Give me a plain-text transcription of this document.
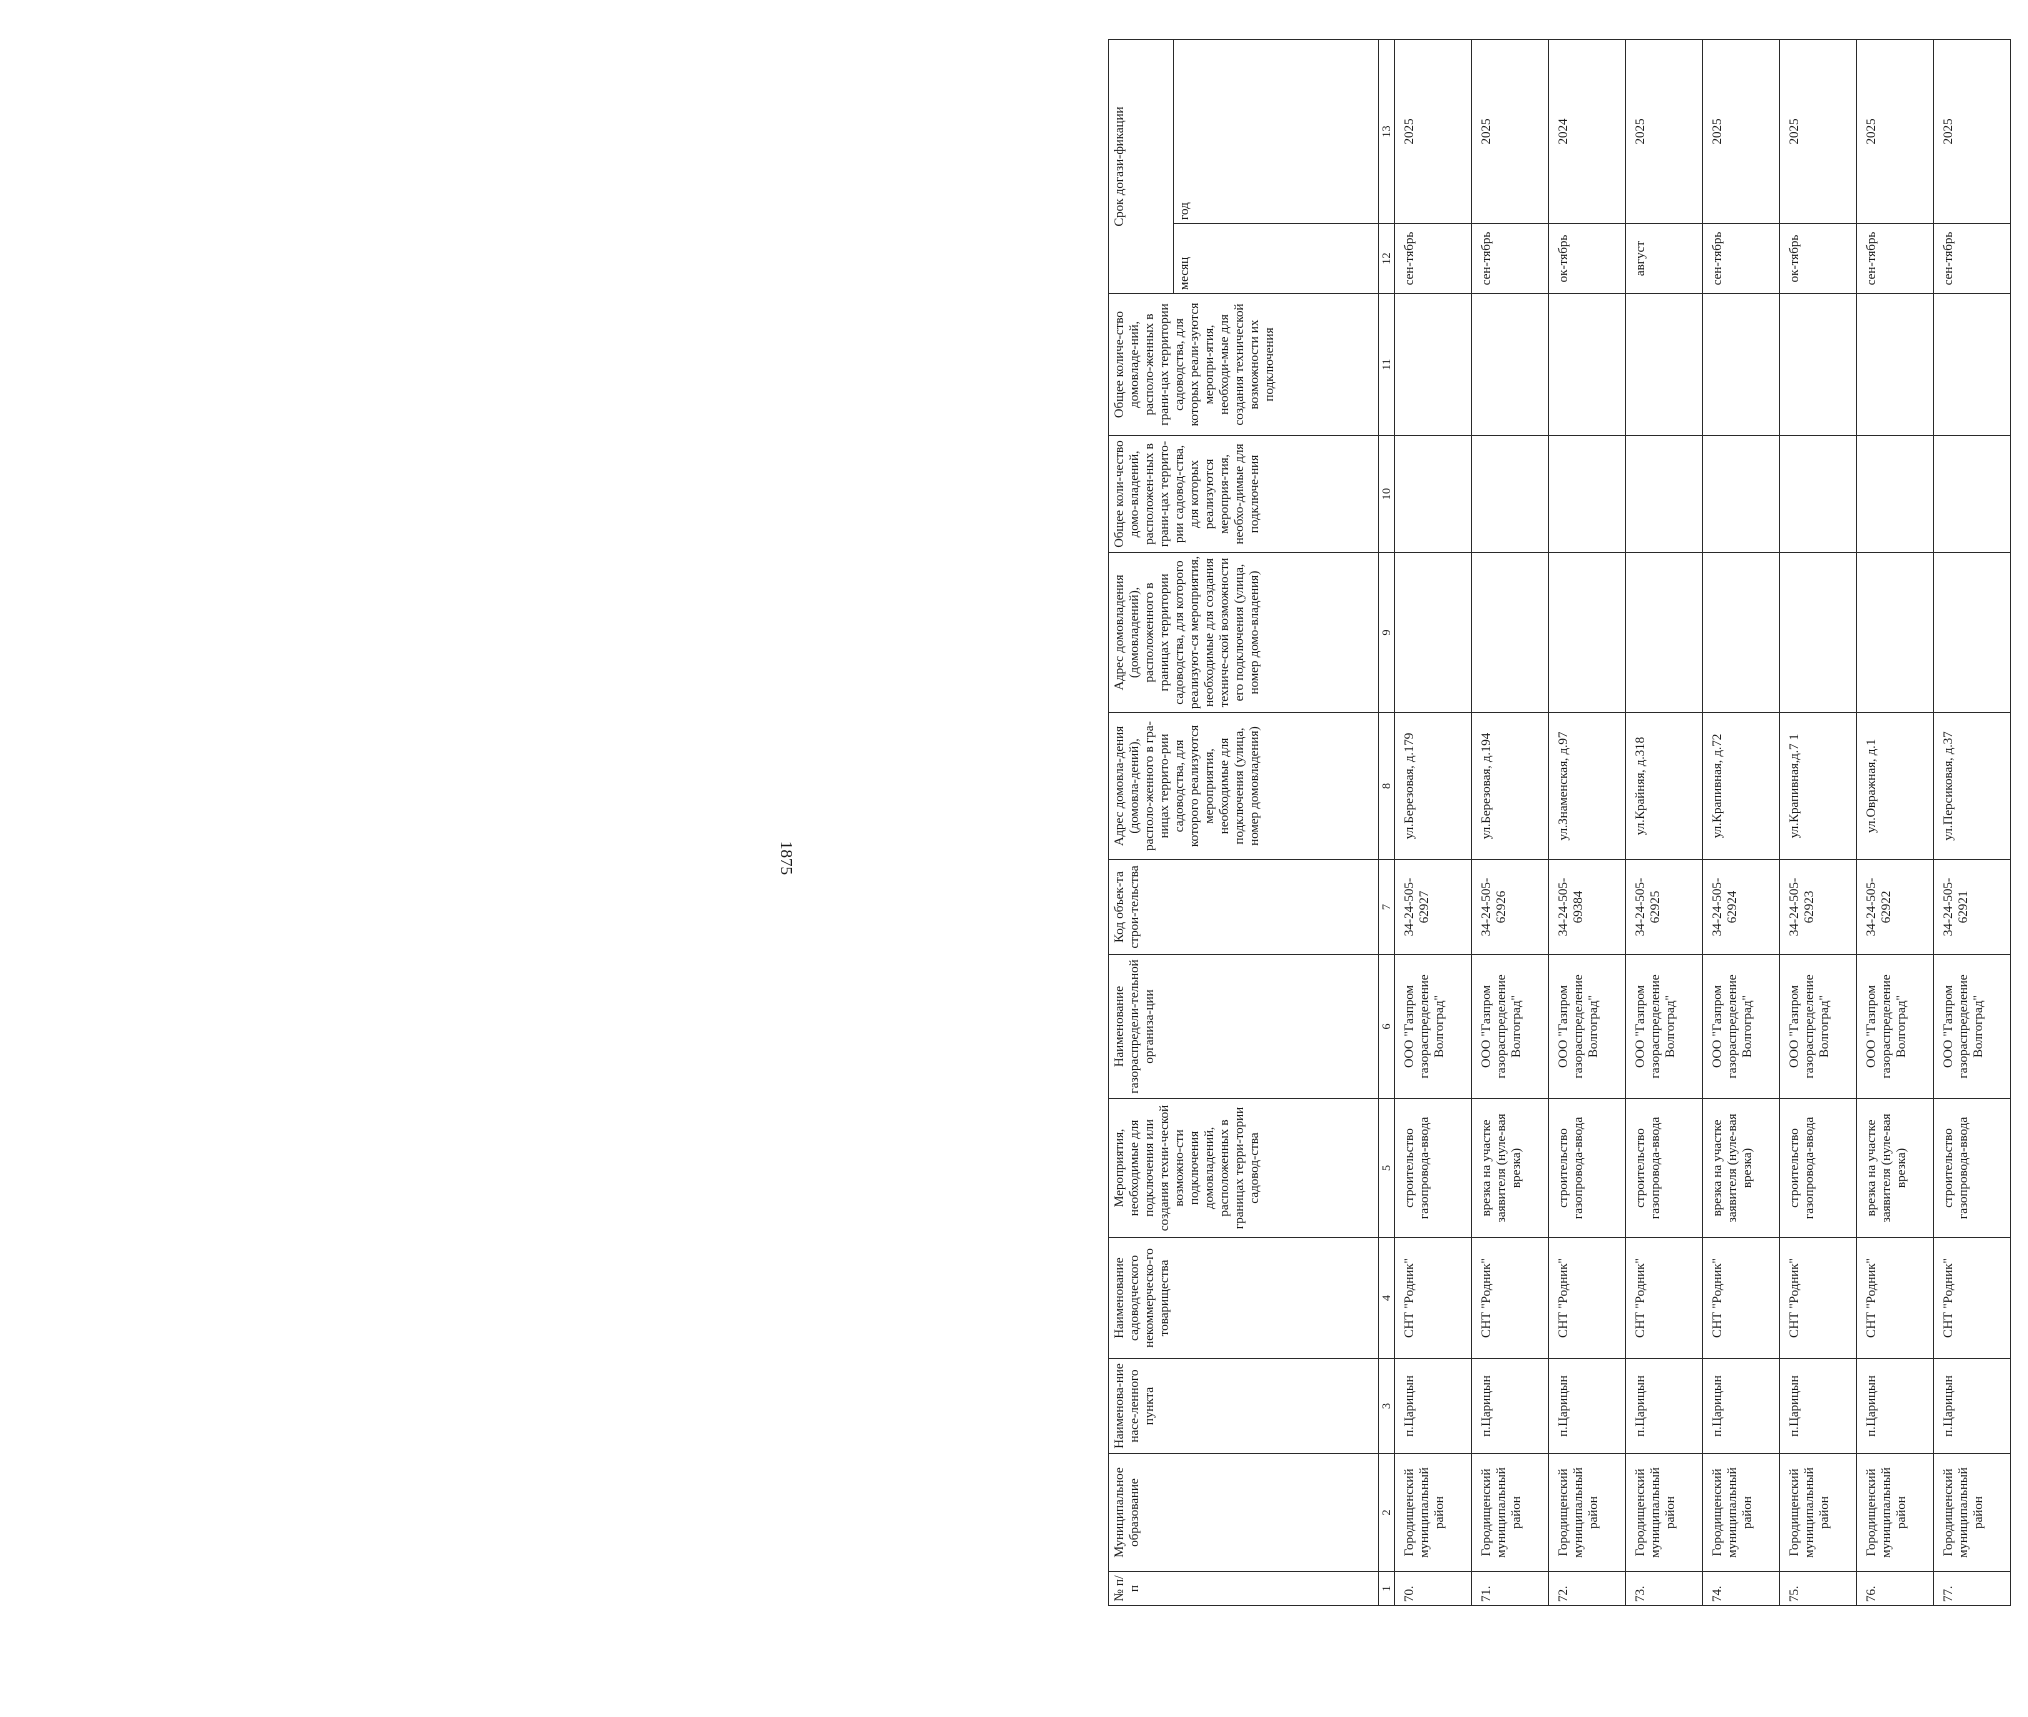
1875
№ п/п	Муниципальное образование	Наименова-ние насе-ленного пункта	Наименование садоводческого некоммерческо-го товарищества	Мероприятия, необходимые для подключения или создания техни-ческой возможно-сти подключения домовладений, расположенных в границах терри-тории садовод-ства	Наименование газораспредели-тельной организа-ции	Код объек-та строи-тельства	Адрес домовла-дения (домовла-дений), располо-женного в гра-ницах террито-рии садоводства, для которого реализуются мероприятия, необходимые для подключения (улица, номер домовладения)	Адрес домовладения (домовладений), расположенного в границах территории садоводства, для которого реализуют-ся мероприятия, необходимые для создания техниче-ской возможности его подключения (улица, номер домо-владения)	Общее коли-чество домо-владений, расположен-ных в грани-цах террито-рии садовод-ства, для которых реализуются мероприя-тия, необхо-димые для подключе-ния	Общее количе-ство домовладе-ний, располо-женных в грани-цах территории садоводства, для которых реали-зуются меропри-ятия, необходи-мые для создания технической возможности их подключения	Срок догази-фикации	
											месяц	год
1	2	3	4	5	6	7	8	9	10	11	12	13
70.	Городищенский муниципальный район	п.Царицын	СНТ "Родник"	строительство газопровода-ввода	ООО "Газпром газораспределение Волгоград"	34-24-505-62927	ул.Березовая, д.179				сен-тябрь	2025
71.	Городищенский муниципальный район	п.Царицын	СНТ "Родник"	врезка на участке заявителя (нуле-вая врезка)	ООО "Газпром газораспределение Волгоград"	34-24-505-62926	ул.Березовая, д.194				сен-тябрь	2025
72.	Городищенский муниципальный район	п.Царицын	СНТ "Родник"	строительство газопровода-ввода	ООО "Газпром газораспределение Волгоград"	34-24-505-69384	ул.Знаменская, д.97				ок-тябрь	2024
73.	Городищенский муниципальный район	п.Царицын	СНТ "Родник"	строительство газопровода-ввода	ООО "Газпром газораспределение Волгоград"	34-24-505-62925	ул.Крайняя, д.318				август	2025
74.	Городищенский муниципальный район	п.Царицын	СНТ "Родник"	врезка на участке заявителя (нуле-вая врезка)	ООО "Газпром газораспределение Волгоград"	34-24-505-62924	ул.Крапивная, д.72				сен-тябрь	2025
75.	Городищенский муниципальный район	п.Царицын	СНТ "Родник"	строительство газопровода-ввода	ООО "Газпром газораспределение Волгоград"	34-24-505-62923	ул.Крапивная,д.7 1				ок-тябрь	2025
76.	Городищенский муниципальный район	п.Царицын	СНТ "Родник"	врезка на участке заявителя (нуле-вая врезка)	ООО "Газпром газораспределение Волгоград"	34-24-505-62922	ул.Овражная, д.1				сен-тябрь	2025
77.	Городищенский муниципальный район	п.Царицын	СНТ "Родник"	строительство газопровода-ввода	ООО "Газпром газораспределение Волгоград"	34-24-505-62921	ул.Персиковая, д.37				сен-тябрь	2025
